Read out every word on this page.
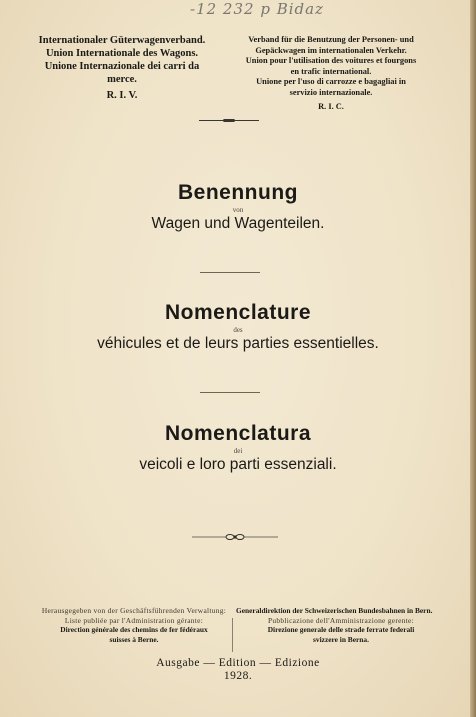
-12 232 p Bidaz
Internationaler Güterwagenverband.
Union Internationale des Wagons.
Unione Internazionale dei carri da
merce.
R. I. V.
Verband für die Benutzung der Personen- und
Gepäckwagen im internationalen Verkehr.
Union pour l'utilisation des voitures et fourgons
en trafic international.
Unione per l'uso di carrozze e bagagliai in
servizio internazionale.
R. I. C.
Benennung
von
Wagen und Wagenteilen.
Nomenclature
des
véhicules et de leurs parties essentielles.
Nomenclatura
dei
veicoli e loro parti essenziali.
Herausgegeben von der Geschäftsführenden Verwaltung:
Liste publiée par l'Administration gérante:
Direction générale des chemins de fer fédéraux
suisses à Berne.
Generaldirektion der Schweizerischen Bundesbahnen in Bern.
Pubblicazione dell'Amministrazione gerente:
Direzione generale delle strade ferrate federali
svizzere in Berna.
Ausgabe — Edition — Edizione
1928.
